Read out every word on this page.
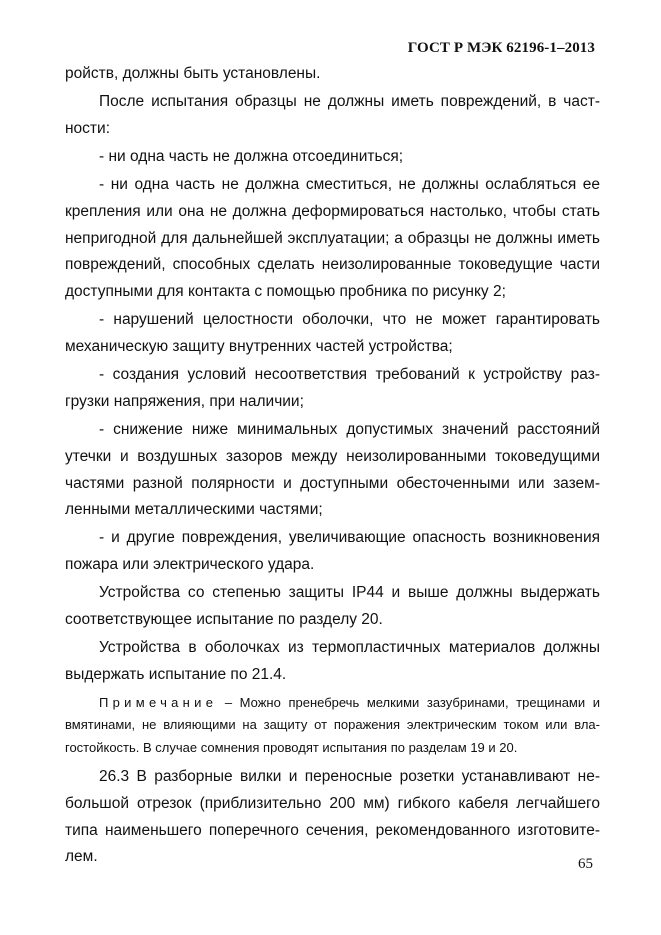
ГОСТ Р МЭК 62196-1–2013

ройств, должны быть установлены.

После испытания образцы не должны иметь повреждений, в частности:

- ни одна часть не должна отсоединиться;

- ни одна часть не должна сместиться, не должны ослабляться ее крепления или она не должна деформироваться настолько, чтобы стать непригодной для дальнейшей эксплуатации; а образцы не должны иметь повреждений, способных сделать неизолированные токоведущие части доступными для контакта с помощью пробника по рисунку 2;

- нарушений целостности оболочки, что не может гарантировать механическую защиту внутренних частей устройства;

- создания условий несоответствия требований к устройству разгрузки напряжения, при наличии;

- снижение ниже минимальных допустимых значений расстояний утечки и воздушных зазоров между неизолированными токоведущими частями разной полярности и доступными обесточенными или заземленными металлическими частями;

- и другие повреждения, увеличивающие опасность возникновения пожара или электрического удара.

Устройства со степенью защиты IP44 и выше должны выдержать соответствующее испытание по разделу 20.

Устройства в оболочках из термопластичных материалов должны выдержать испытание по 21.4.

Примечание – Можно пренебречь мелкими зазубринами, трещинами и вмятинами, не влияющими на защиту от поражения электрическим током или влагостойкость. В случае сомнения проводят испытания по разделам 19 и 20.

26.3 В разборные вилки и переносные розетки устанавливают небольшой отрезок (приблизительно 200 мм) гибкого кабеля легчайшего типа наименьшего поперечного сечения, рекомендованного изготовителем.	65
